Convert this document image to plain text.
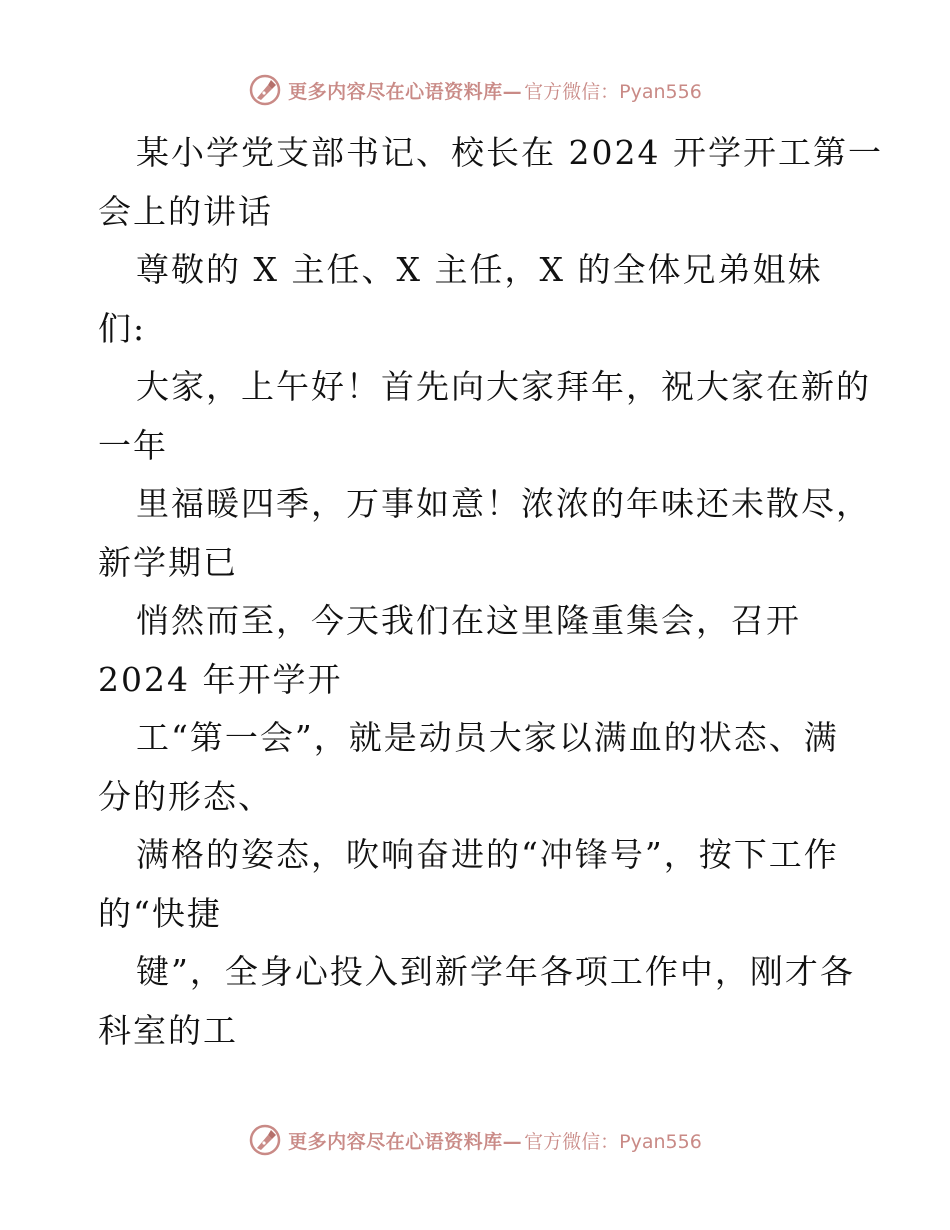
更多内容尽在心语资料库— 官方微信：Pyan556
某小学党支部书记、校长在 2024 开学开工第一
会上的讲话
尊敬的 X 主任、X 主任，X 的全体兄弟姐妹
们:
大家，上午好！首先向大家拜年，祝大家在新的
一年
里福暖四季，万事如意！浓浓的年味还未散尽，
新学期已
悄然而至，今天我们在这里隆重集会，召开
2024 年开学开
工“第一会”，就是动员大家以满血的状态、满
分的形态、
满格的姿态，吹响奋进的“冲锋号”，按下工作
的“快捷
键”，全身心投入到新学年各项工作中，刚才各
科室的工
更多内容尽在心语资料库— 官方微信：Pyan556
